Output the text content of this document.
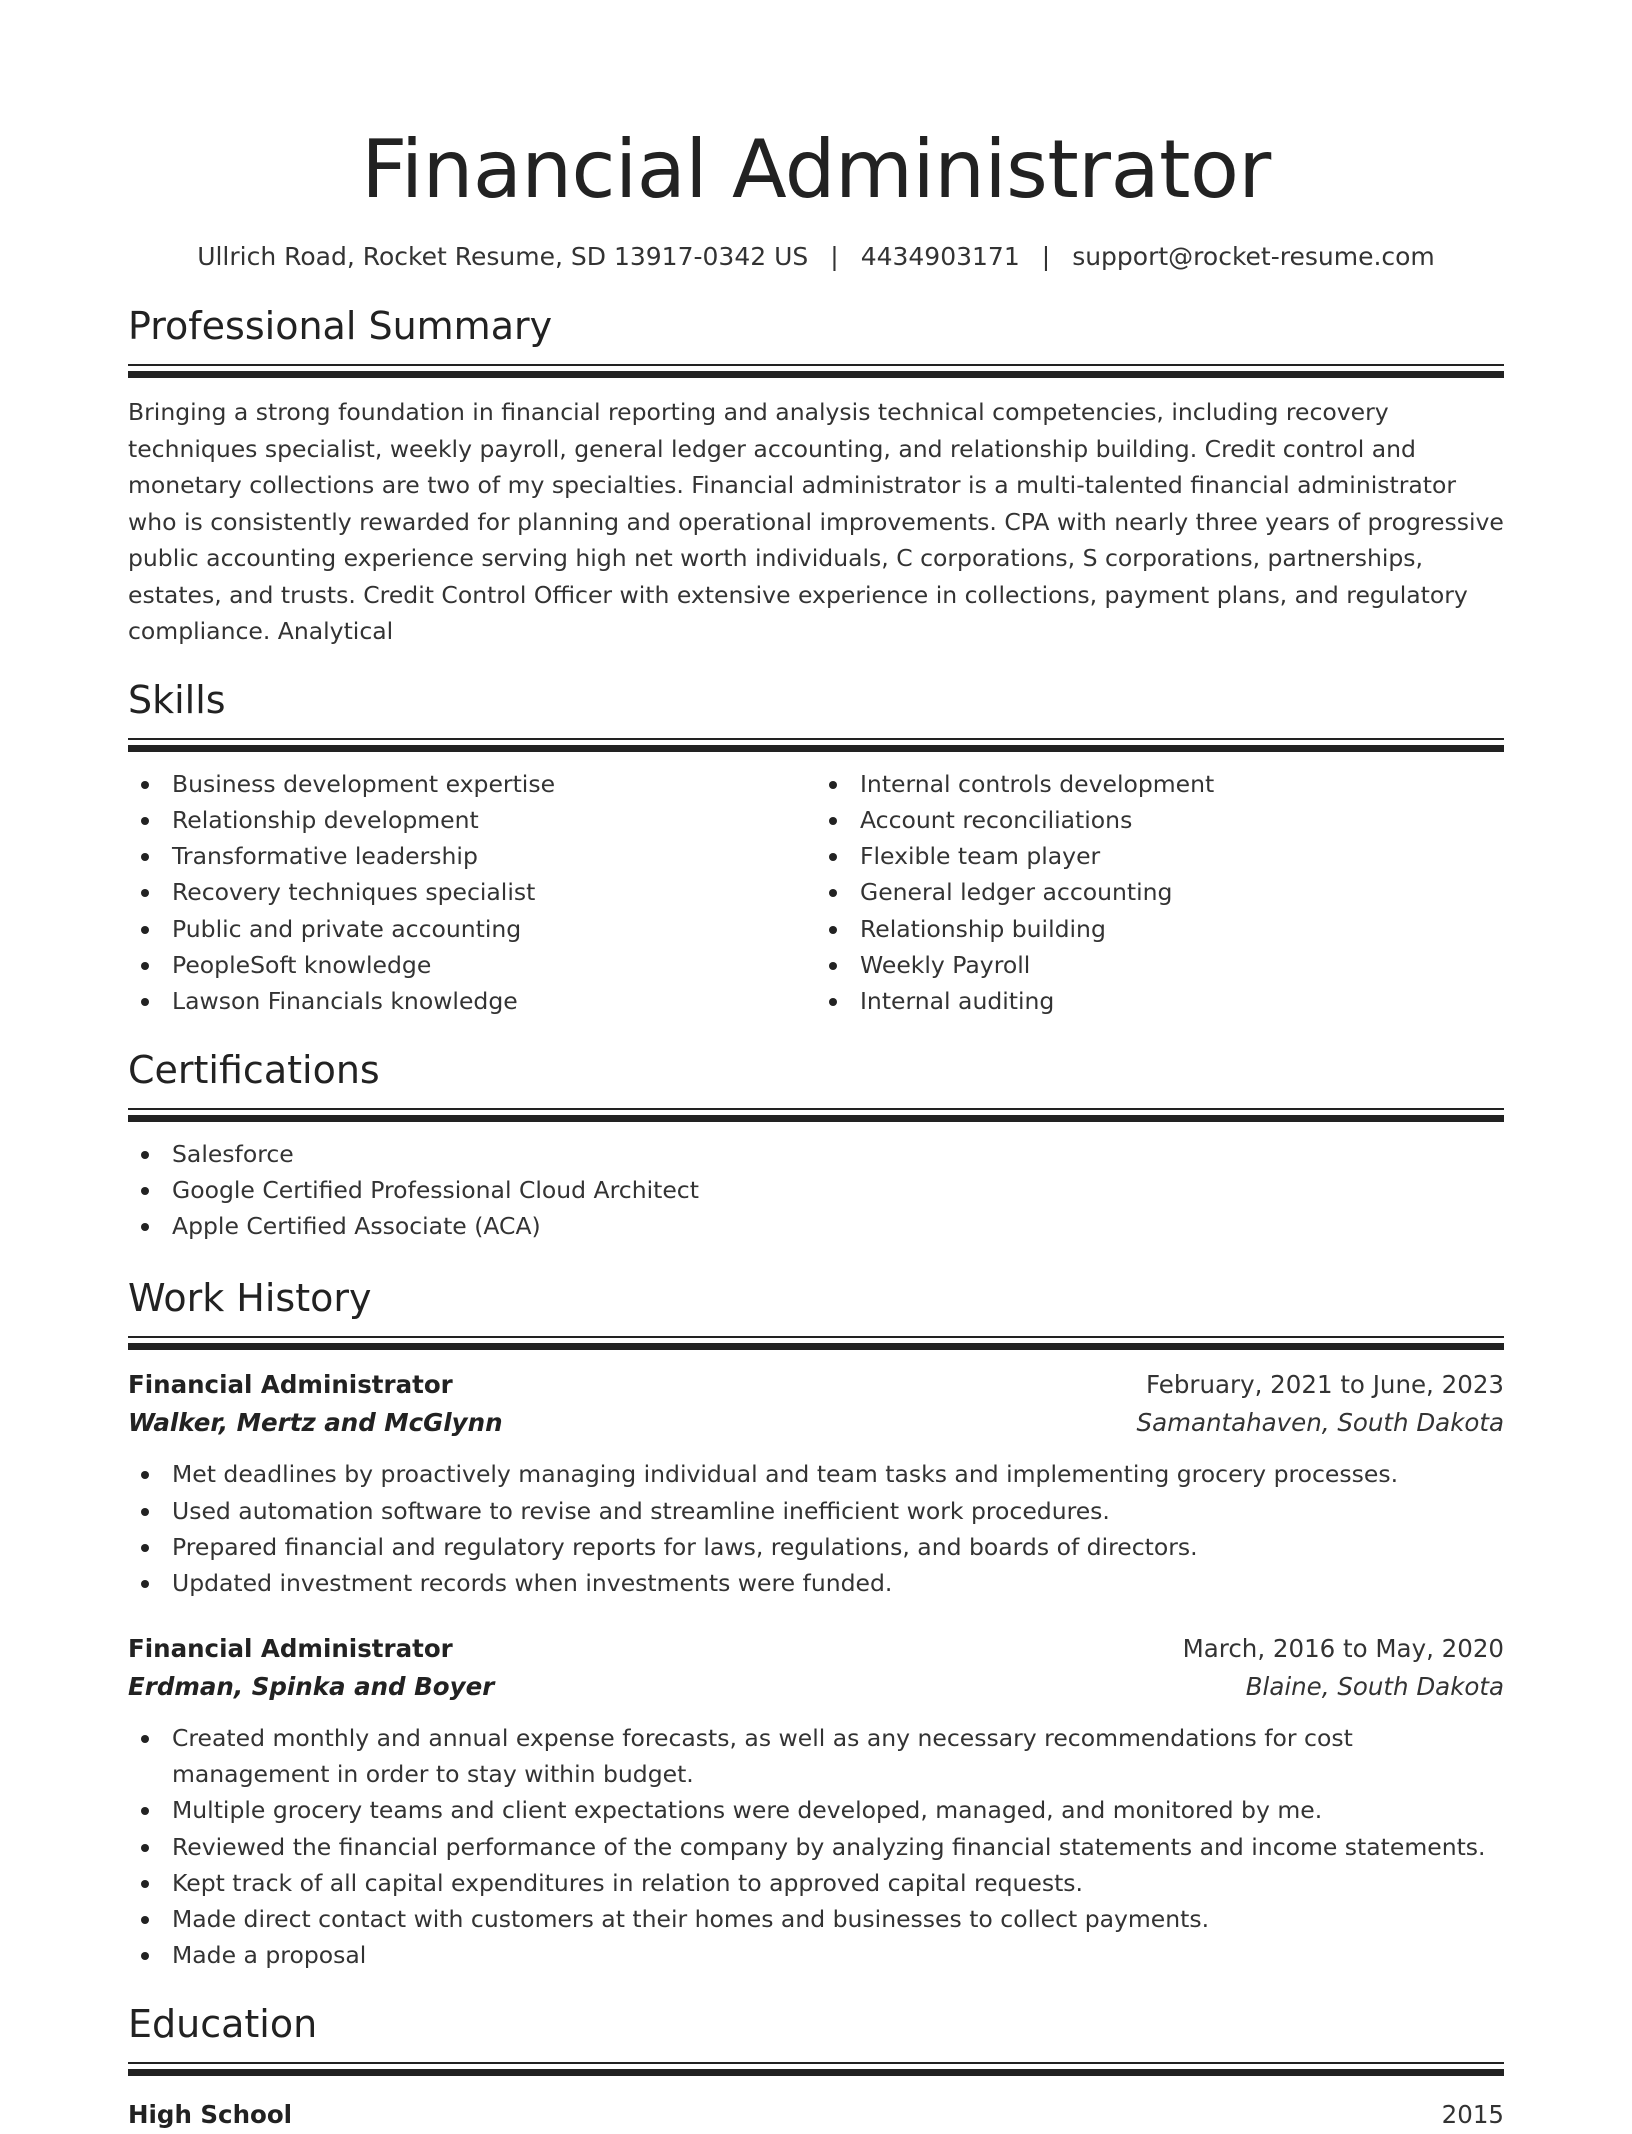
Financial Administrator
Ullrich Road, Rocket Resume, SD 13917-0342 US | 4434903171 | support@rocket-resume.com
Professional Summary

Bringing a strong foundation in financial reporting and analysis technical competencies, including recovery techniques specialist, weekly payroll, general ledger accounting, and relationship building. Credit control and monetary collections are two of my specialties. Financial administrator is a multi-talented financial administrator who is consistently rewarded for planning and operational improvements. CPA with nearly three years of progressive public accounting experience serving high net worth individuals, C corporations, S corporations, partnerships, estates, and trusts. Credit Control Officer with extensive experience in collections, payment plans, and regulatory compliance. Analytical

Skills
Business development expertise
Relationship development
Transformative leadership
Recovery techniques specialist
Public and private accounting
PeopleSoft knowledge
Lawson Financials knowledge
Internal controls development
Account reconciliations
Flexible team player
General ledger accounting
Relationship building
Weekly Payroll
Internal auditing
Certifications
Salesforce
Google Certified Professional Cloud Architect
Apple Certified Associate (ACA)
Work History
Financial Administrator	February, 2021 to June, 2023
Walker, Mertz and McGlynn	Samantahaven, South Dakota
Met deadlines by proactively managing individual and team tasks and implementing grocery processes.
Used automation software to revise and streamline inefficient work procedures.
Prepared financial and regulatory reports for laws, regulations, and boards of directors.
Updated investment records when investments were funded.
Financial Administrator	March, 2016 to May, 2020
Erdman, Spinka and Boyer	Blaine, South Dakota
Created monthly and annual expense forecasts, as well as any necessary recommendations for cost management in order to stay within budget.
Multiple grocery teams and client expectations were developed, managed, and monitored by me.
Reviewed the financial performance of the company by analyzing financial statements and income statements.
Kept track of all capital expenditures in relation to approved capital requests.
Made direct contact with customers at their homes and businesses to collect payments.
Made a proposal
Education
High School	2015
